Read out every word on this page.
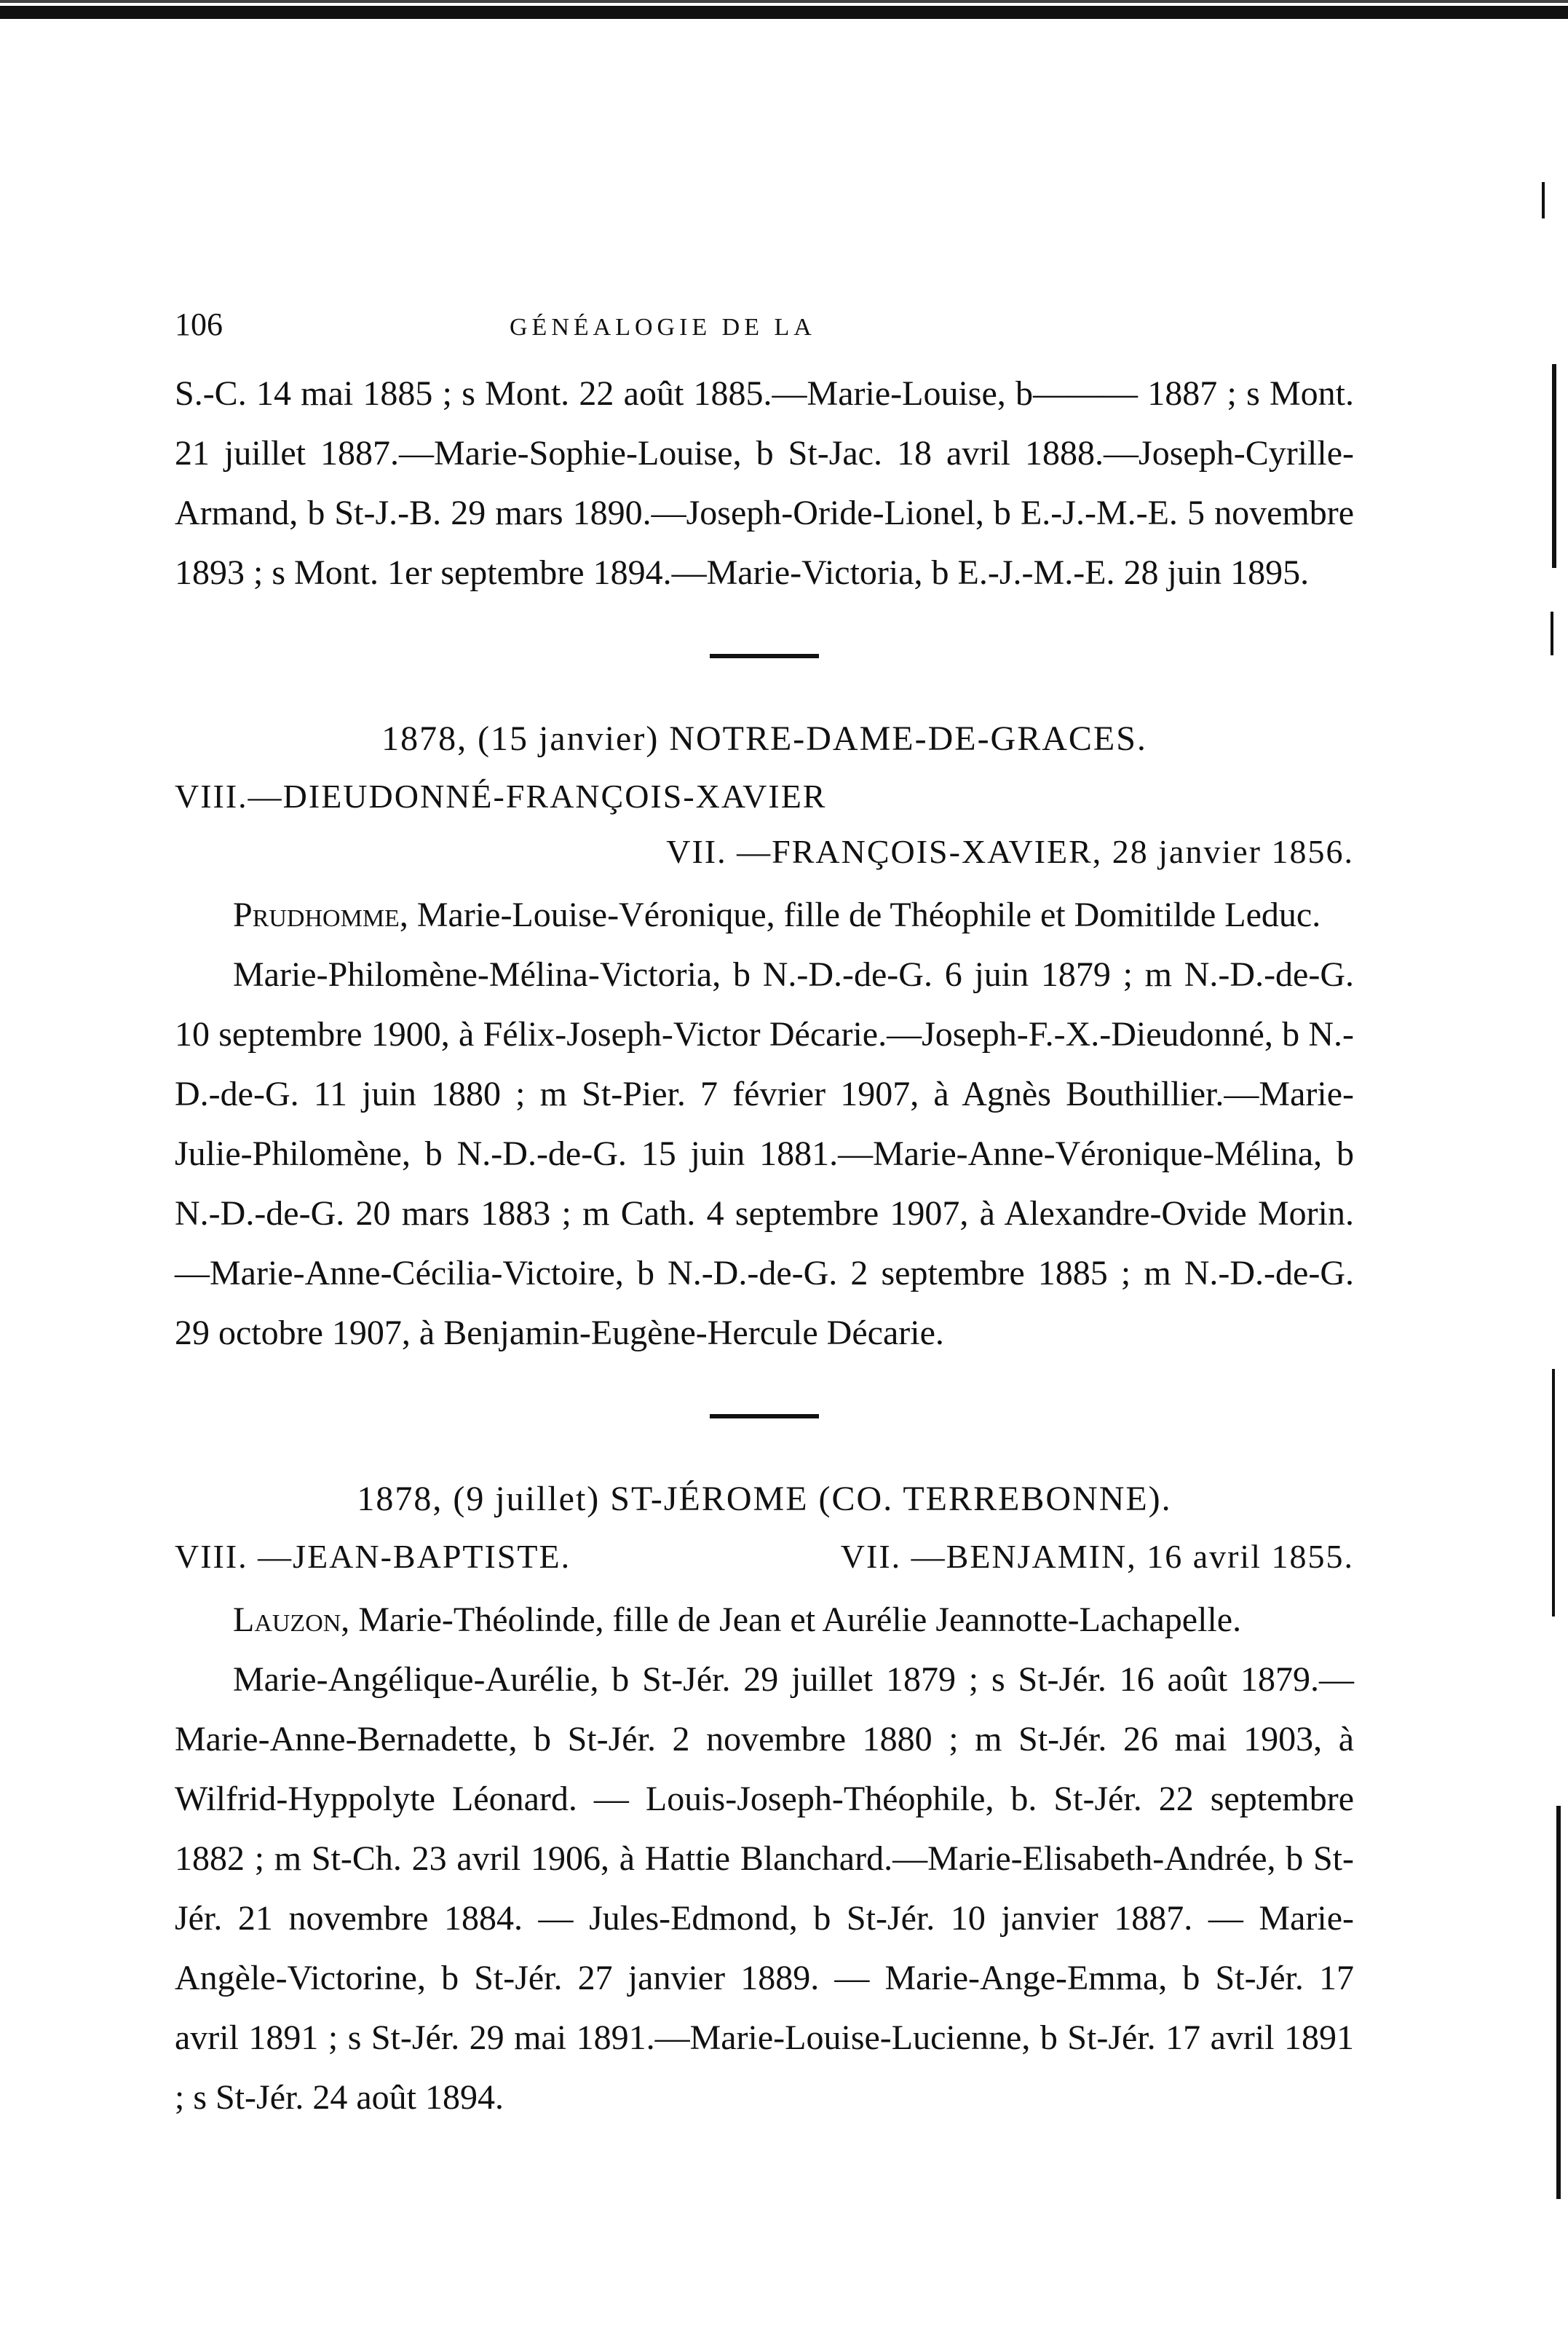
106	GÉNÉALOGIE DE LA

S.-C. 14 mai 1885 ; s Mont. 22 août 1885.—Marie-Louise, b——— 1887 ; s Mont. 21 juillet 1887.—Marie-Sophie-Louise, b St-Jac. 18 avril 1888.—Joseph-Cyrille-Armand, b St-J.-B. 29 mars 1890.—Joseph-Oride-Lionel, b E.-J.-M.-E. 5 novembre 1893 ; s Mont. 1er septembre 1894.—Marie-Victoria, b E.-J.-M.-E. 28 juin 1895.

1878, (15 janvier) NOTRE-DAME-DE-GRACES.

VIII.—DIEUDONNÉ-FRANÇOIS-XAVIER
VII. —FRANÇOIS-XAVIER, 28 janvier 1856.

Prudhomme, Marie-Louise-Véronique, fille de Théophile et Domitilde Leduc.

Marie-Philomène-Mélina-Victoria, b N.-D.-de-G. 6 juin 1879 ; m N.-D.-de-G. 10 septembre 1900, à Félix-Joseph-Victor Décarie.—Joseph-F.-X.-Dieudonné, b N.-D.-de-G. 11 juin 1880 ; m St-Pier. 7 février 1907, à Agnès Bouthillier.—Marie-Julie-Philomène, b N.-D.-de-G. 15 juin 1881.—Marie-Anne-Véronique-Mélina, b N.-D.-de-G. 20 mars 1883 ; m Cath. 4 septembre 1907, à Alexandre-Ovide Morin.—Marie-Anne-Cécilia-Victoire, b N.-D.-de-G. 2 septembre 1885 ; m N.-D.-de-G. 29 octobre 1907, à Benjamin-Eugène-Hercule Décarie.

1878, (9 juillet) ST-JÉROME (CO. TERREBONNE).

VIII. —JEAN-BAPTISTE.	VII. —BENJAMIN, 16 avril 1855.

Lauzon, Marie-Théolinde, fille de Jean et Aurélie Jeannotte-Lachapelle.

Marie-Angélique-Aurélie, b St-Jér. 29 juillet 1879 ; s St-Jér. 16 août 1879.—Marie-Anne-Bernadette, b St-Jér. 2 novembre 1880 ; m St-Jér. 26 mai 1903, à Wilfrid-Hyppolyte Léonard. — Louis-Joseph-Théophile, b. St-Jér. 22 septembre 1882 ; m St-Ch. 23 avril 1906, à Hattie Blanchard.—Marie-Elisabeth-Andrée, b St-Jér. 21 novembre 1884. — Jules-Edmond, b St-Jér. 10 janvier 1887. — Marie-Angèle-Victorine, b St-Jér. 27 janvier 1889. — Marie-Ange-Emma, b St-Jér. 17 avril 1891 ; s St-Jér. 29 mai 1891.—Marie-Louise-Lucienne, b St-Jér. 17 avril 1891 ; s St-Jér. 24 août 1894.
